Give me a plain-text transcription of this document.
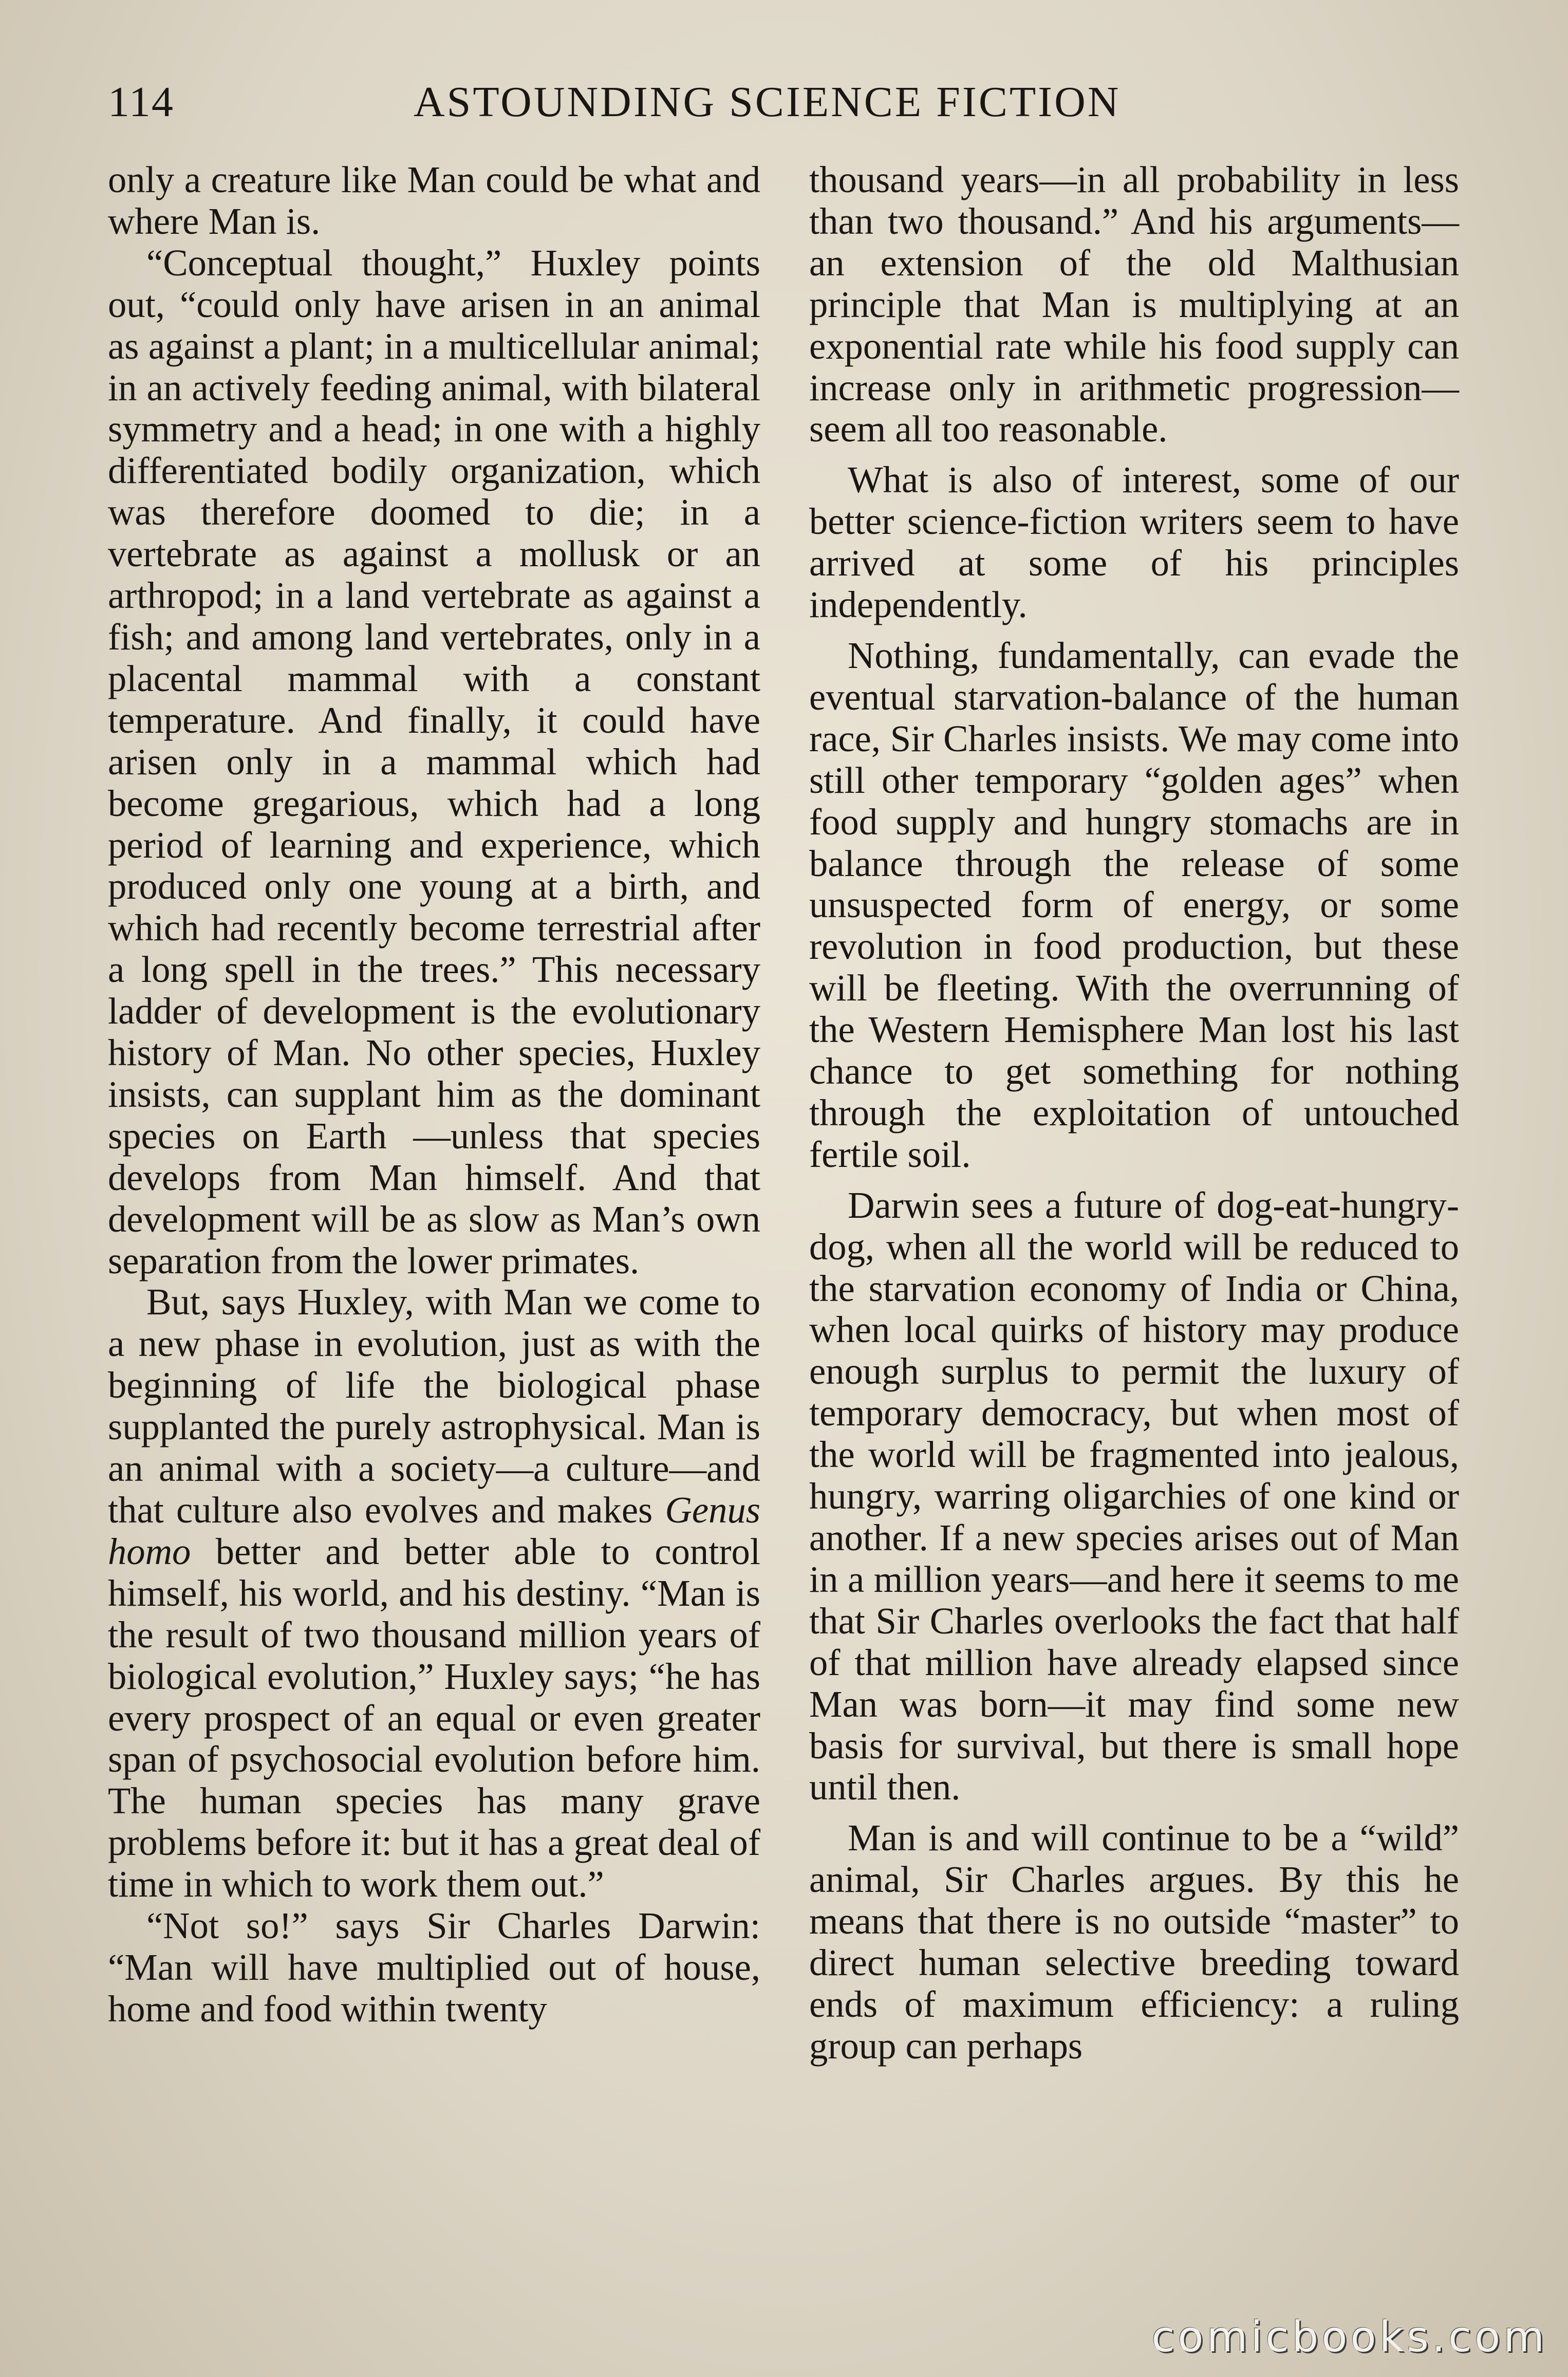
114	ASTOUNDING SCIENCE FICTION

only a creature like Man could be what and where Man is.

“Conceptual thought,” Huxley points out, “could only have arisen in an animal as against a plant; in a multicellular animal; in an actively feeding animal, with bilateral symmetry and a head; in one with a highly differentiated bodily organization, which was therefore doomed to die; in a vertebrate as against a mollusk or an arthropod; in a land vertebrate as against a fish; and among land vertebrates, only in a placental mammal with a constant temperature. And finally, it could have arisen only in a mammal which had become gregarious, which had a long period of learning and experience, which produced only one young at a birth, and which had recently become terrestrial after a long spell in the trees.” This necessary ladder of development is the evolutionary history of Man. No other species, Huxley insists, can supplant him as the dominant species on Earth —unless that species develops from Man himself. And that development will be as slow as Man’s own separation from the lower primates.

But, says Huxley, with Man we come to a new phase in evolution, just as with the beginning of life the biological phase supplanted the purely astrophysical. Man is an animal with a society—a culture—and that culture also evolves and makes Genus homo better and better able to control himself, his world, and his destiny. “Man is the result of two thousand million years of biological evolution,” Huxley says; “he has every prospect of an equal or even greater span of psychosocial evolution before him. The human species has many grave problems before it: but it has a great deal of time in which to work them out.”

“Not so!” says Sir Charles Darwin: “Man will have multiplied out of house, home and food within twenty

thousand years—in all probability in less than two thousand.” And his arguments—an extension of the old Malthusian principle that Man is multiplying at an exponential rate while his food supply can increase only in arithmetic progression—seem all too reasonable.

What is also of interest, some of our better science-fiction writers seem to have arrived at some of his principles independently.

Nothing, fundamentally, can evade the eventual starvation-balance of the human race, Sir Charles insists. We may come into still other temporary “golden ages” when food supply and hungry stomachs are in balance through the release of some unsuspected form of energy, or some revolution in food production, but these will be fleeting. With the overrunning of the Western Hemisphere Man lost his last chance to get something for nothing through the exploitation of untouched fertile soil.

Darwin sees a future of dog-eat-hungry-dog, when all the world will be reduced to the starvation economy of India or China, when local quirks of history may produce enough surplus to permit the luxury of temporary democracy, but when most of the world will be fragmented into jealous, hungry, warring oligarchies of one kind or another. If a new species arises out of Man in a million years—and here it seems to me that Sir Charles overlooks the fact that half of that million have already elapsed since Man was born—it may find some new basis for survival, but there is small hope until then.

Man is and will continue to be a “wild” animal, Sir Charles argues. By this he means that there is no outside “master” to direct human selective breeding toward ends of maximum efficiency: a ruling group can perhaps

comicbooks.com
